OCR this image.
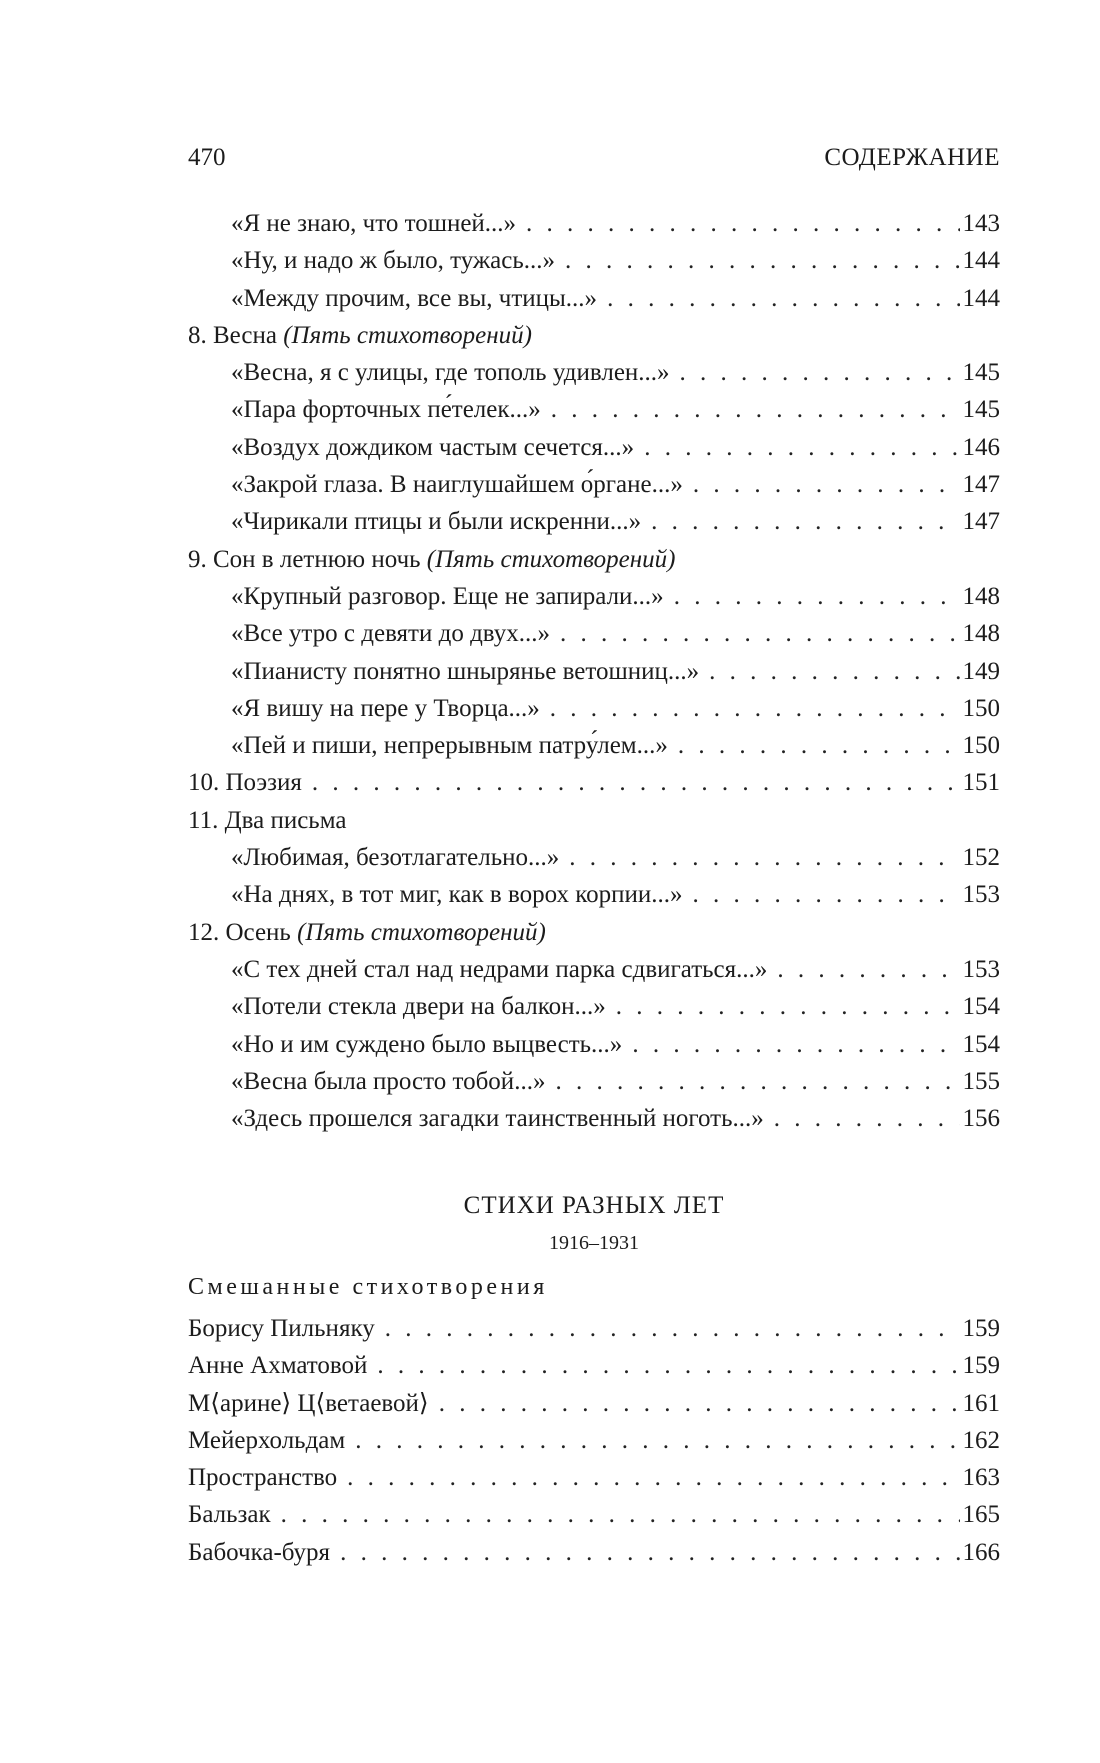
470	СОДЕРЖАНИЕ
«Я не знаю, что тошней...» . . .	143
«Ну, и надо ж было, тужась...» . . .	144
«Между прочим, все вы, чтицы...» . . .	144
8. Весна (Пять стихотворений)
«Весна, я с улицы, где тополь удивлен...» . . .	145
«Пара форточных пе́телек...» . . .	145
«Воздух дождиком частым сечется...» . . .	146
«Закрой глаза. В наиглушайшем о́ргане...» . . .	147
«Чирикали птицы и были искренни...» . . .	147
9. Сон в летнюю ночь (Пять стихотворений)
«Крупный разговор. Еще не запирали...» . . .	148
«Все утро с девяти до двух...» . . .	148
«Пианисту понятно шнырянье ветошниц...» . . .	149
«Я вишу на пере у Творца...» . . .	150
«Пей и пиши, непрерывным патру́лем...» . . .	150
10. Поэзия . . .	151
11. Два письма
«Любимая, безотлагательно...» . . .	152
«На днях, в тот миг, как в ворох корпии...» . . .	153
12. Осень (Пять стихотворений)
«С тех дней стал над недрами парка сдвигаться...» . . .	153
«Потели стекла двери на балкон...» . . .	154
«Но и им суждено было выцвесть...» . . .	154
«Весна была просто тобой...» . . .	155
«Здесь прошелся загадки таинственный ноготь...» . . .	156
СТИХИ РАЗНЫХ ЛЕТ
1916–1931
Смешанные стихотворения
Борису Пильняку . . .	159
Анне Ахматовой . . .	159
М⟨арине⟩ Ц⟨ветаевой⟩ . . .	161
Мейерхольдам . . .	162
Пространство . . .	163
Бальзак . . .	165
Бабочка-буря . . .	166
